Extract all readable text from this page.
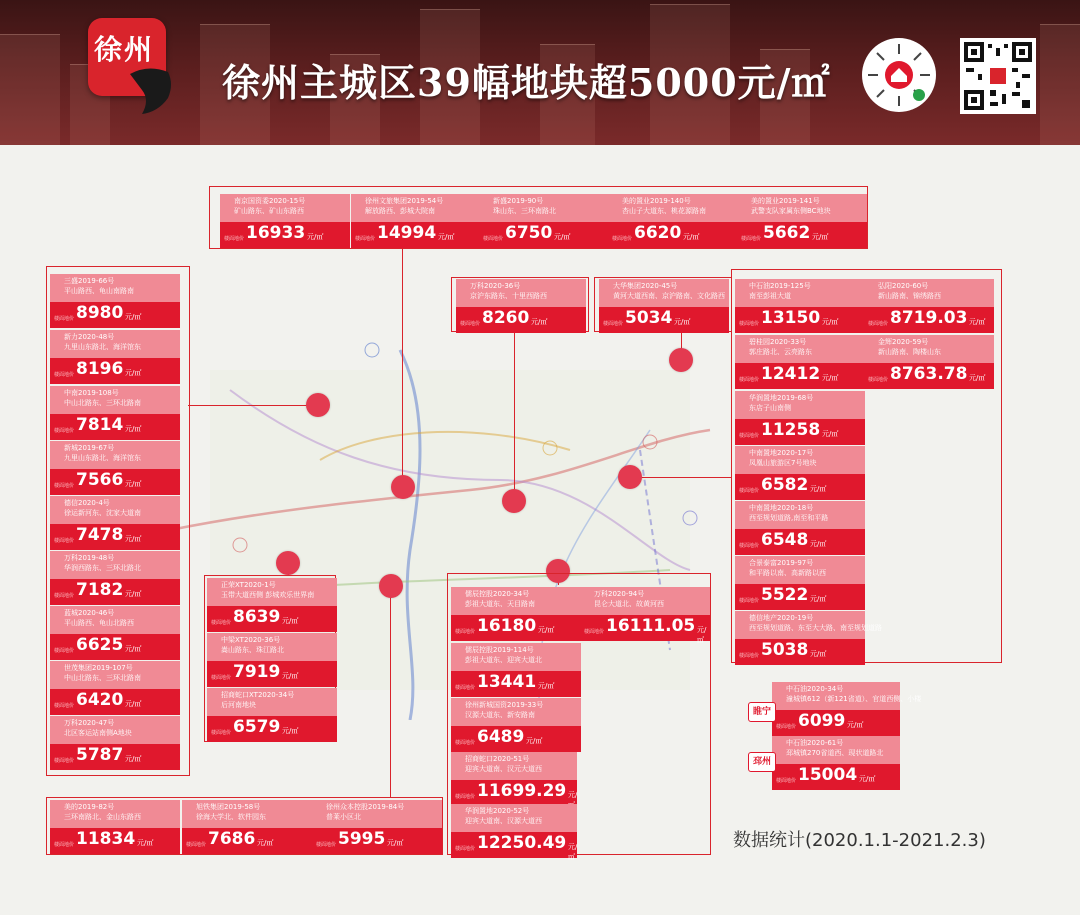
徐州
徐州主城区39幅地块超5000元/㎡
南京国资委2020-15号
矿山路东、矿山东路西
楼面地价 16933 元/㎡
徐州文旅集团2019-54号
解放路西、彭城大院南
楼面地价 14994 元/㎡
新盛2019-90号
珠山东、三环南路北
楼面地价 6750 元/㎡
美的置业2019-140号
杏山子大道东、桃花源路南
楼面地价 6620 元/㎡
美的置业2019-141号
武警支队家属东侧BC地块
楼面地价 5662 元/㎡
三盛2019-66号
平山路西、龟山南路南
楼面地价 8980 元/㎡
新力2020-48号
九里山东路北、海洋馆东
楼面地价 8196 元/㎡
中南2019-108号
中山北路东、三环北路南
楼面地价 7814 元/㎡
新城2019-67号
九里山东路北、海洋馆东
楼面地价 7566 元/㎡
德信2020-4号
徐运新河东、沈家大道南
楼面地价 7478 元/㎡
万科2019-48号
华润西路东、三环北路北
楼面地价 7182 元/㎡
蓝城2020-46号
平山路西、龟山北路西
楼面地价 6625 元/㎡
世茂集团2019-107号
中山北路东、三环北路南
楼面地价 6420 元/㎡
万科2020-47号
北区客运站南侧A地块
楼面地价 5787 元/㎡
万科2020-36号
京沪东路东、十里西路西
楼面地价 8260 元/㎡
大华集团2020-45号
黄河大道西南、京沪路南、文化路西
楼面地价 5034 元/㎡
中石油2019-125号
南至彭祖大道
楼面地价 13150 元/㎡
碧桂园2020-33号
郭庄路北、云亮路东
楼面地价 12412 元/㎡
华润置地2019-68号
东店子山南侧
楼面地价 11258 元/㎡
中南置地2020-17号
凤凰山旅游区7号地块
楼面地价 6582 元/㎡
中南置地2020-18号
西至规划道路,南至和平路
楼面地价 6548 元/㎡
合景泰富2019-97号
和平路以南、高新路以西
楼面地价 5522 元/㎡
德信地产2020-19号
西至规划道路、东至大大路、南至规划道路
楼面地价 5038 元/㎡
弘阳2020-60号
新山路南、锦绣路西
楼面地价 8719.03 元/㎡
金辉2020-59号
新山路南、陶楼山东
楼面地价 8763.78 元/㎡
正荣XT2020-1号
玉带大道西侧 彭城欢乐世界南
楼面地价 8639 元/㎡
中梁XT2020-36号
嵩山路东、珠江路北
楼面地价 7919 元/㎡
招商蛇口XT2020-34号
后河南地块
楼面地价 6579 元/㎡
儒辰控股2020-34号
彭祖大道东、天目路南
楼面地价 16180 元/㎡
万科2020-94号
昆仑大道北、故黄河西
楼面地价 16111.05 元/㎡
儒辰控股2019-114号
彭祖大道东、迎宾大道北
楼面地价 13441 元/㎡
徐州新城国资2019-33号
汉源大道东、新安路南
楼面地价 6489 元/㎡
招商蛇口2020-51号
迎宾大道南、汉元大道西
楼面地价 11699.29 元/
华润置地2020-52号
迎宾大道南、汉源大道西
楼面地价 12250.49 元/㎡
美的2019-82号
三环南路北、金山东路西
楼面地价 11834 元/㎡
旭铁集团2019-58号
徐海大学北、软件园东
楼面地价 7686 元/㎡
徐州众本控股2019-84号
普莱小区北
楼面地价 5995 元/㎡
中石油2020-34号
潼城镇612（新121省道）、官道西侧、小楼
楼面地价 6099 元/㎡
中石油2020-61号
邳城镇270省道西、现状道路北
楼面地价 15004 元/㎡
睢宁
邳州
数据统计(2020.1.1-2021.2.3)
